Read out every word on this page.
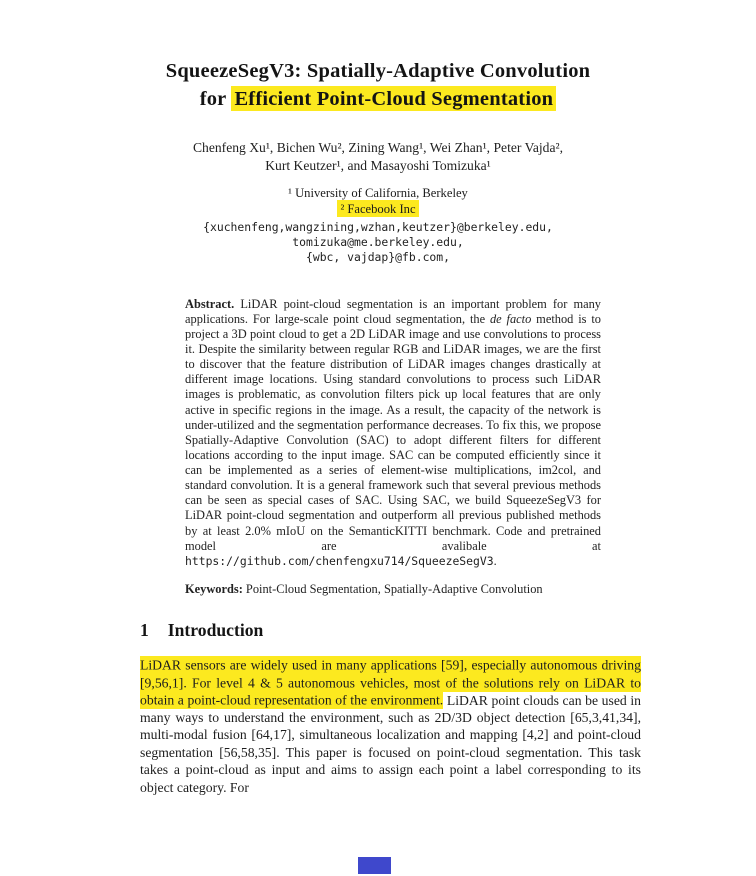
SqueezeSegV3: Spatially-Adaptive Convolution
for Efficient Point-Cloud Segmentation
Chenfeng Xu¹, Bichen Wu², Zining Wang¹, Wei Zhan¹, Peter Vajda²,
Kurt Keutzer¹, and Masayoshi Tomizuka¹
¹ University of California, Berkeley
² Facebook Inc
{xuchenfeng,wangzining,wzhan,keutzer}@berkeley.edu,
tomizuka@me.berkeley.edu,
{wbc, vajdap}@fb.com,

Abstract. LiDAR point-cloud segmentation is an important problem for many applications. For large-scale point cloud segmentation, the de facto method is to project a 3D point cloud to get a 2D LiDAR image and use convolutions to process it. Despite the similarity between regular RGB and LiDAR images, we are the first to discover that the feature distribution of LiDAR images changes drastically at different image locations. Using standard convolutions to process such LiDAR images is problematic, as convolution filters pick up local features that are only active in specific regions in the image. As a result, the capacity of the network is under-utilized and the segmentation performance decreases. To fix this, we propose Spatially-Adaptive Convolution (SAC) to adopt different filters for different locations according to the input image. SAC can be computed efficiently since it can be implemented as a series of element-wise multiplications, im2col, and standard convolution. It is a general framework such that several previous methods can be seen as special cases of SAC. Using SAC, we build SqueezeSegV3 for LiDAR point-cloud segmentation and outperform all previous published methods by at least 2.0% mIoU on the SemanticKITTI benchmark. Code and pretrained model are avalibale at https://github.com/chenfengxu714/SqueezeSegV3.

Keywords: Point-Cloud Segmentation, Spatially-Adaptive Convolution

1 Introduction

LiDAR sensors are widely used in many applications [59], especially autonomous driving [9,56,1]. For level 4 & 5 autonomous vehicles, most of the solutions rely on LiDAR to obtain a point-cloud representation of the environment. LiDAR point clouds can be used in many ways to understand the environment, such as 2D/3D object detection [65,3,41,34], multi-modal fusion [64,17], simultaneous localization and mapping [4,2] and point-cloud segmentation [56,58,35]. This paper is focused on point-cloud segmentation. This task takes a point-cloud as input and aims to assign each point a label corresponding to its object category. For
